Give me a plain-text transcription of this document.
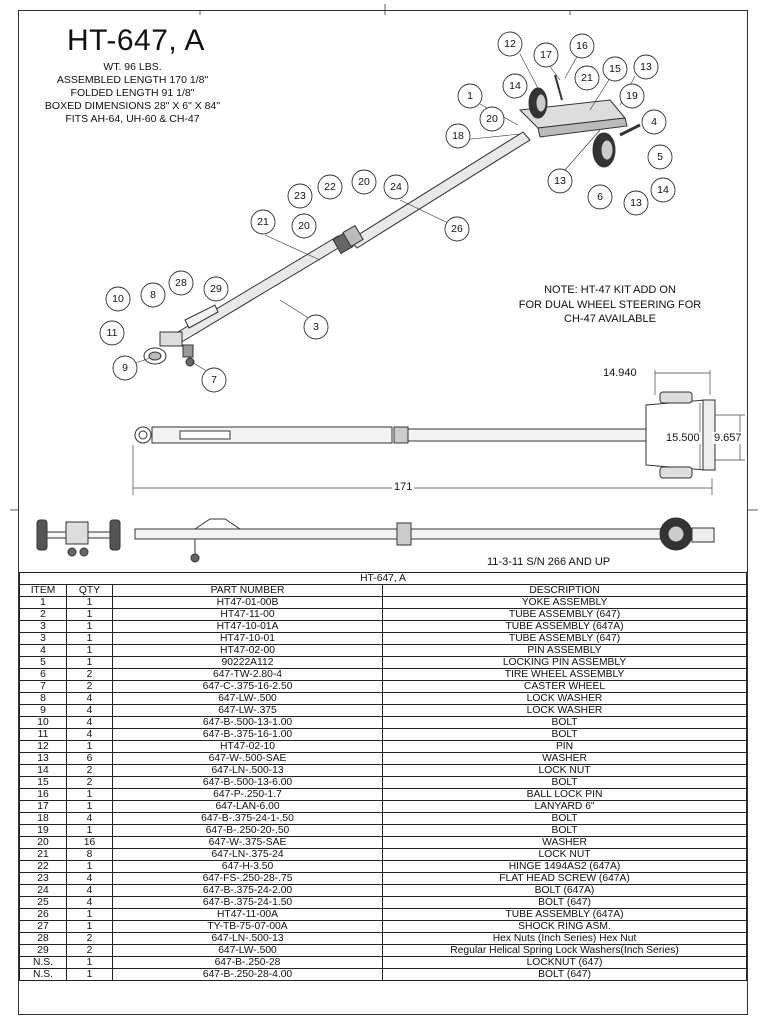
12
17
16
15 13
14
21
1	19
4
20
18
5
13
6	13
14
22 20 24
23
21	20	26
28
8
10
29
11	3
9
7
HT-647, A
WT. 96 LBS.
ASSEMBLED LENGTH 170 1/8"
FOLDED LENGTH 91 1/8"
BOXED DIMENSIONS 28" X 6" X 84"
FITS AH-64, UH-60 & CH-47
NOTE: HT-47 KIT ADD ON
FOR DUAL WHEEL STEERING FOR
CH-47 AVAILABLE
14.940
15.500 9.657
171
11-3-11 S/N 266 AND UP
HT-647, A			
ITEM	QTY	PART NUMBER	DESCRIPTION
1	1	HT47-01-00B	YOKE ASSEMBLY
2	1	HT47-11-00	TUBE ASSEMBLY (647)
3	1	HT47-10-01A	TUBE ASSEMBLY (647A)
3	1	HT47-10-01	TUBE ASSEMBLY (647)
4	1	HT47-02-00	PIN ASSEMBLY
5	1	90222A112	LOCKING PIN ASSEMBLY
6	2	647-TW-2.80-4	TIRE WHEEL ASSEMBLY
7	2	647-C-.375-16-2.50	CASTER WHEEL
8	4	647-LW-.500	LOCK WASHER
9	4	647-LW-.375	LOCK WASHER
10	4	647-B-.500-13-1.00	BOLT
11	4	647-B-.375-16-1.00	BOLT
12	1	HT47-02-10	PIN
13	6	647-W-.500-SAE	WASHER
14	2	647-LN-.500-13	LOCK NUT
15	2	647-B-.500-13-6.00	BOLT
16	1	647-P-.250-1.7	BALL LOCK PIN
17	1	647-LAN-6.00	LANYARD 6"
18	4	647-B-.375-24-1-.50	BOLT
19	1	647-B-.250-20-.50	BOLT
20	16	647-W-.375-SAE	WASHER
21	8	647-LN-.375-24	LOCK NUT
22	1	647-H-3.50	HINGE 1494AS2 (647A)
23	4	647-FS-.250-28-.75	FLAT HEAD SCREW (647A)
24	4	647-B-.375-24-2.00	BOLT (647A)
25	4	647-B-.375-24-1.50	BOLT (647)
26	1	HT47-11-00A	TUBE ASSEMBLY (647A)
27	1	TY-TB-75-07-00A	SHOCK RING ASM.
28	2	647-LN-.500-13	Hex Nuts (Inch Series) Hex Nut
29	2	647-LW-.500	Regular Helical Spring Lock Washers(Inch Series)
N.S.	1	647-B-.250-28	LOCKNUT (647)
N.S.	1	647-B-.250-28-4.00	BOLT (647)
